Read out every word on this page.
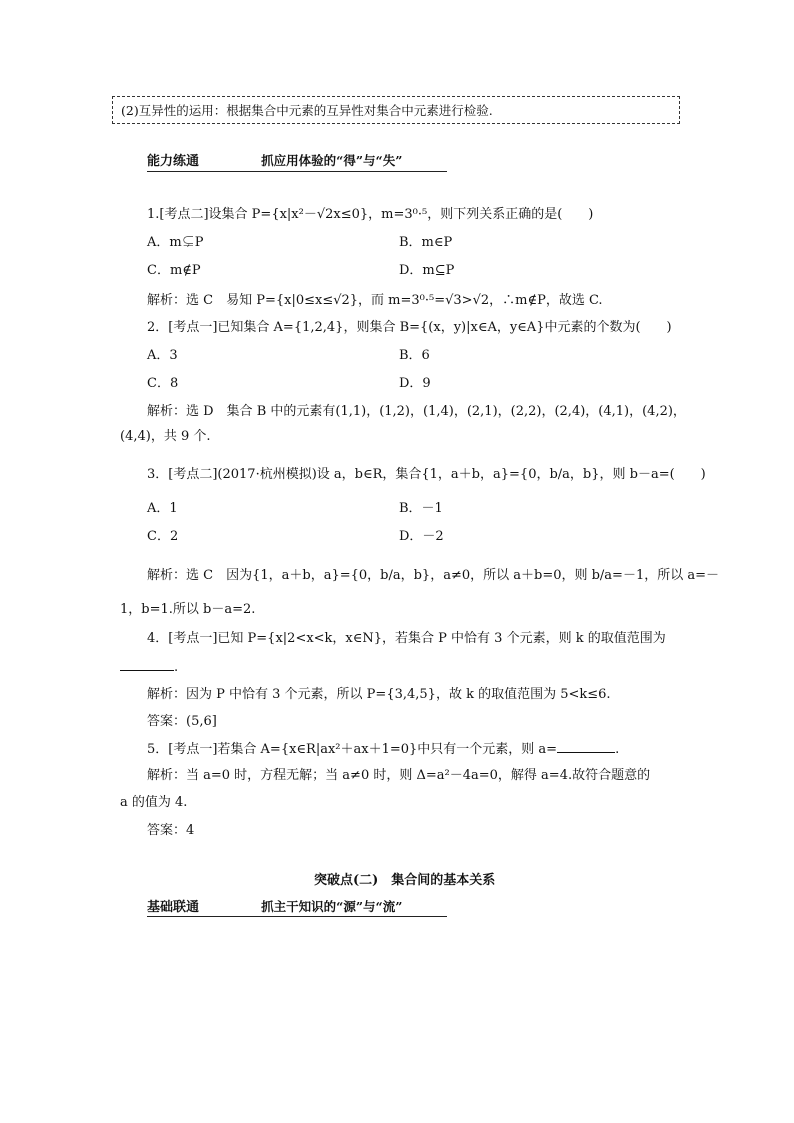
(2)互异性的运用：根据集合中元素的互异性对集合中元素进行检验.
能力练通	抓应用体验的“得”与“失”
1.[考点二]设集合 P={x|x²－√2x≤0}，m=3⁰·⁵，则下列关系正确的是(　　)
A．m⊊P	B．m∈P
C．m∉P	D．m⊆P
解析：选 C　易知 P={x|0≤x≤√2}，而 m=3⁰·⁵=√3>√2，∴m∉P，故选 C.
2．[考点一]已知集合 A={1,2,4}，则集合 B={(x，y)|x∈A，y∈A}中元素的个数为(　　)
A．3	B．6
C．8	D．9
解析：选 D　集合 B 中的元素有(1,1)，(1,2)，(1,4)，(2,1)，(2,2)，(2,4)，(4,1)，(4,2)，
(4,4)，共 9 个.
3．[考点二](2017·杭州模拟)设 a，b∈R，集合{1，a＋b，a}={0，b/a，b}，则 b－a=(　　)
A．1	B．－1
C．2	D．－2
解析：选 C　因为{1，a＋b，a}={0，b/a，b}，a≠0，所以 a＋b=0，则 b/a=－1，所以 a=－
1，b=1.所以 b－a=2.
4．[考点一]已知 P={x|2<x<k，x∈N}，若集合 P 中恰有 3 个元素，则 k 的取值范围为
.
解析：因为 P 中恰有 3 个元素，所以 P={3,4,5}，故 k 的取值范围为 5<k≤6.
答案：(5,6]
5．[考点一]若集合 A={x∈R|ax²＋ax＋1=0}中只有一个元素，则 a=	.
解析：当 a=0 时，方程无解；当 a≠0 时，则 Δ=a²－4a=0，解得 a=4.故符合题意的
a 的值为 4.
答案：4
突破点(二)　集合间的基本关系
基础联通	抓主干知识的“源”与“流”
